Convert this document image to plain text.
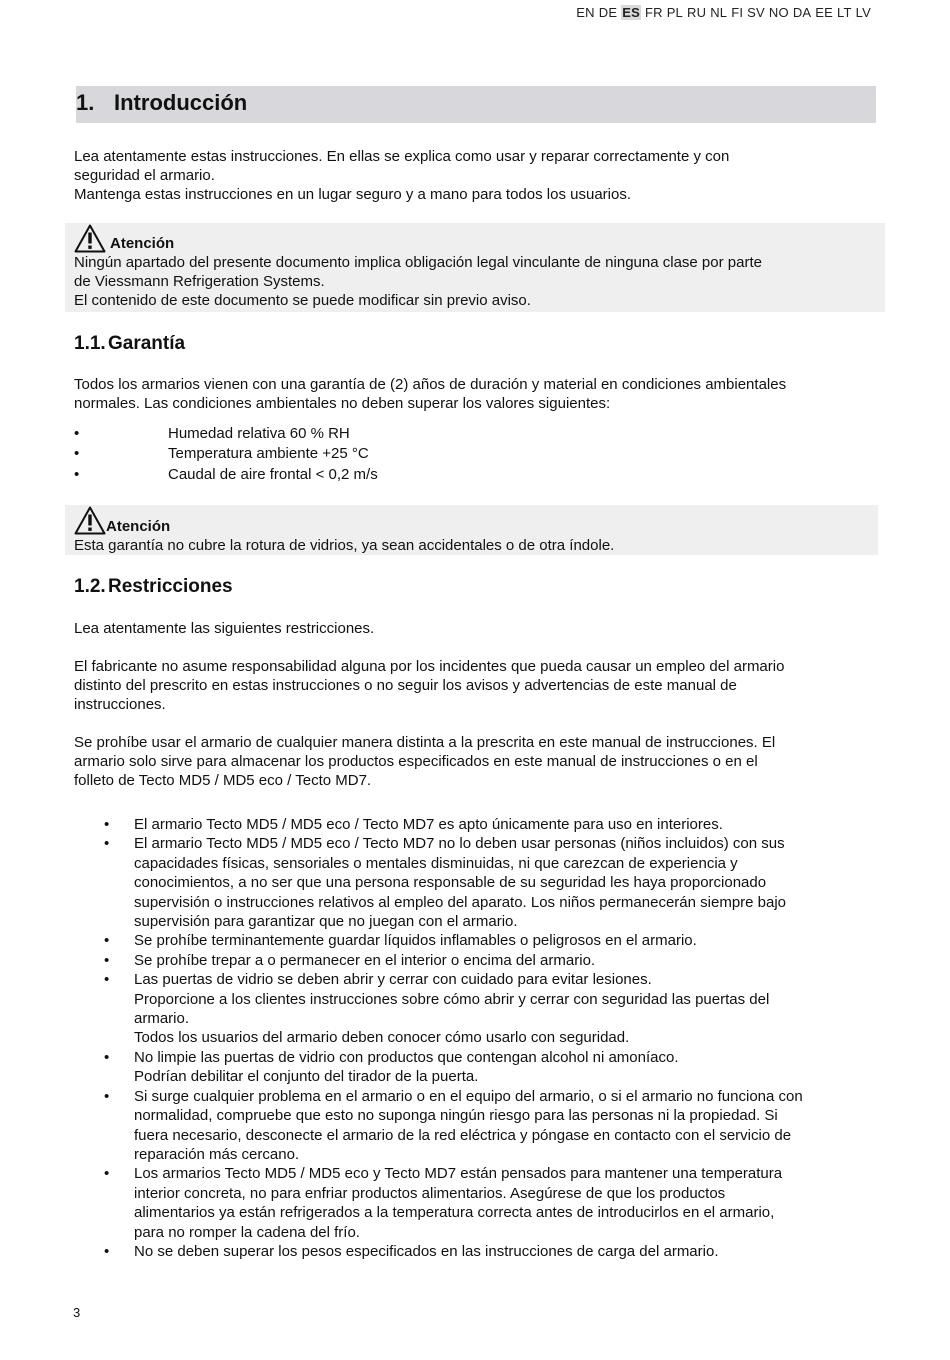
EN DE ES FR PL RU NL FI SV NO DA EE LT LV
1. Introducción
Lea atentamente estas instrucciones. En ellas se explica como usar y reparar correctamente y con
seguridad el armario.
Mantenga estas instrucciones en un lugar seguro y a mano para todos los usuarios.
Atención

Ningún apartado del presente documento implica obligación legal vinculante de ninguna clase por parte

de Viessmann Refrigeration Systems.

El contenido de este documento se puede modificar sin previo aviso.

1.1. Garantía
Todos los armarios vienen con una garantía de (2) años de duración y material en condiciones ambientales
normales. Las condiciones ambientales no deben superar los valores siguientes:
•	Humedad relativa 60 % RH
•	Temperatura ambiente +25 °C
•	Caudal de aire frontal < 0,2 m/s
Atención

Esta garantía no cubre la rotura de vidrios, ya sean accidentales o de otra índole.

1.2. Restricciones
Lea atentamente las siguientes restricciones.
El fabricante no asume responsabilidad alguna por los incidentes que pueda causar un empleo del armario
distinto del prescrito en estas instrucciones o no seguir los avisos y advertencias de este manual de
instrucciones.
Se prohíbe usar el armario de cualquier manera distinta a la prescrita en este manual de instrucciones. El
armario solo sirve para almacenar los productos especificados en este manual de instrucciones o en el
folleto de Tecto MD5 / MD5 eco / Tecto MD7.
• El armario Tecto MD5 / MD5 eco / Tecto MD7 es apto únicamente para uso en interiores.
• El armario Tecto MD5 / MD5 eco / Tecto MD7 no lo deben usar personas (niños incluidos) con sus
capacidades físicas, sensoriales o mentales disminuidas, ni que carezcan de experiencia y
conocimientos, a no ser que una persona responsable de su seguridad les haya proporcionado
supervisión o instrucciones relativos al empleo del aparato. Los niños permanecerán siempre bajo
supervisión para garantizar que no juegan con el armario.
• Se prohíbe terminantemente guardar líquidos inflamables o peligrosos en el armario.
• Se prohíbe trepar a o permanecer en el interior o encima del armario.
• Las puertas de vidrio se deben abrir y cerrar con cuidado para evitar lesiones.
Proporcione a los clientes instrucciones sobre cómo abrir y cerrar con seguridad las puertas del
armario.
Todos los usuarios del armario deben conocer cómo usarlo con seguridad.
• No limpie las puertas de vidrio con productos que contengan alcohol ni amoníaco.
Podrían debilitar el conjunto del tirador de la puerta.
• Si surge cualquier problema en el armario o en el equipo del armario, o si el armario no funciona con
normalidad, compruebe que esto no suponga ningún riesgo para las personas ni la propiedad. Si
fuera necesario, desconecte el armario de la red eléctrica y póngase en contacto con el servicio de
reparación más cercano.
• Los armarios Tecto MD5 / MD5 eco y Tecto MD7 están pensados para mantener una temperatura
interior concreta, no para enfriar productos alimentarios. Asegúrese de que los productos
alimentarios ya están refrigerados a la temperatura correcta antes de introducirlos en el armario,
para no romper la cadena del frío.
• No se deben superar los pesos especificados en las instrucciones de carga del armario.
3
